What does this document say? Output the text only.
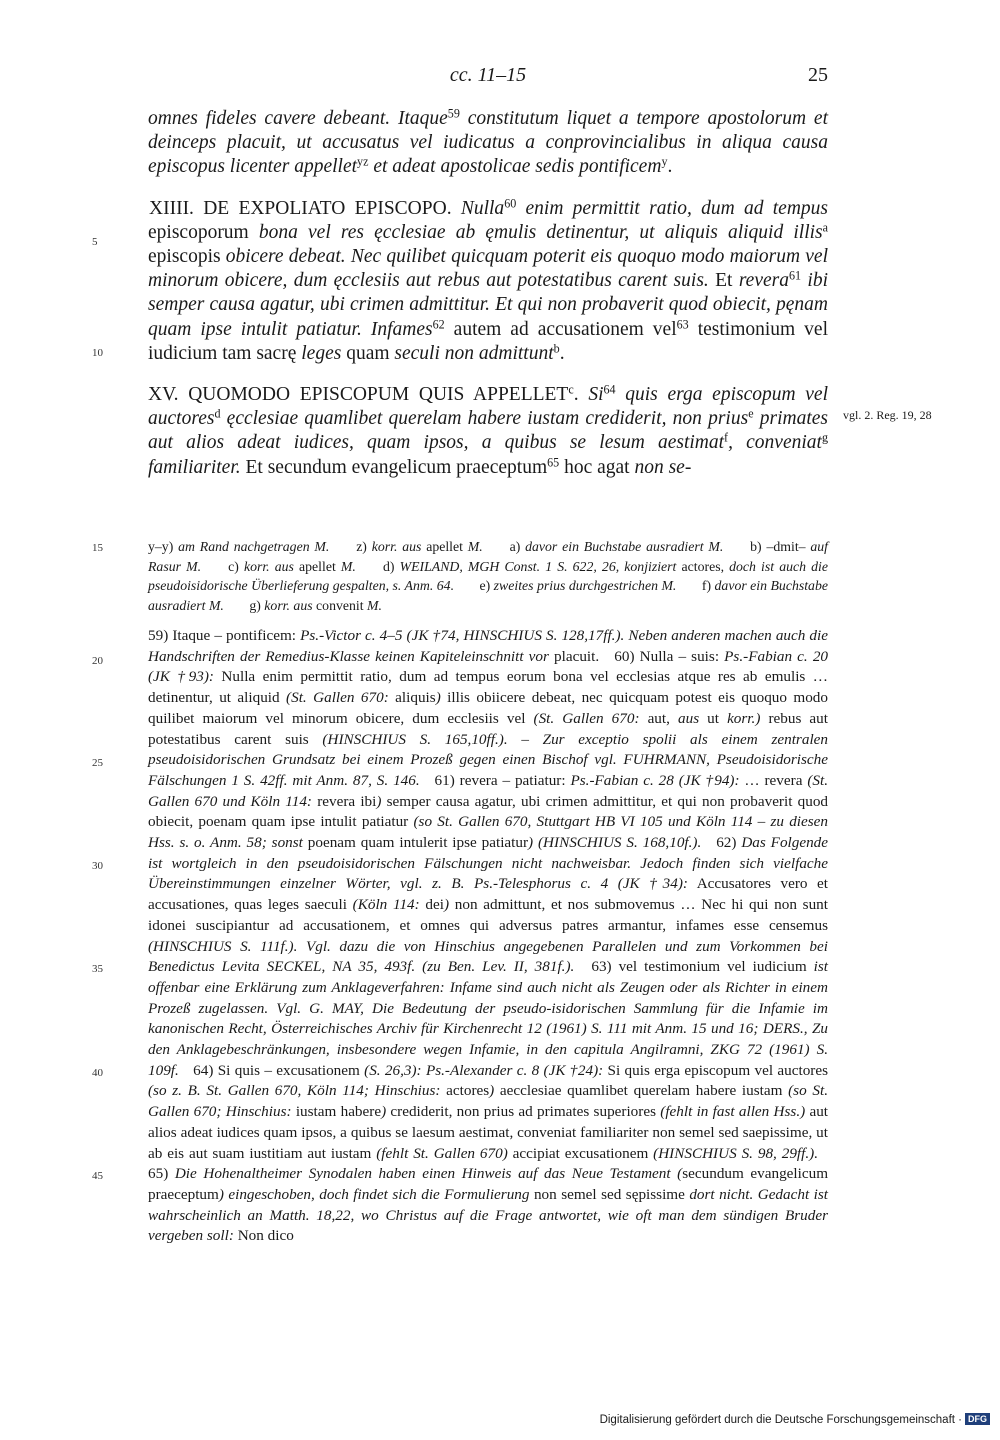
cc. 11–15	25

omnes fideles cavere debeant. Itaque$^{59}$ constitutum liquet a tempore apostolorum et deinceps placuit, ut accusatus vel iudicatus a conprovincialibus in aliqua causa episcopus licenter appellet$^{yz}$ et adeat apostolicae sedis pontificem$^y$.

XIIII. DE EXPOLIATO EPISCOPO. Nulla$^{60}$ enim permittit ratio, dum ad tempus episcoporum bona vel res ęcclesiae ab ęmulis detinentur, ut aliquis aliquid illis$^a$ episcopis obicere debeat. Nec quilibet quicquam poterit eis quoquo modo maiorum vel minorum obicere, dum ęcclesiis aut rebus aut potestatibus carent suis. Et revera$^{61}$ ibi semper causa agatur, ubi crimen admittitur. Et qui non probaverit quod obiecit, pęnam quam ipse intulit patiatur. Infames$^{62}$ autem ad accusationem vel$^{63}$ testimonium vel iudicium tam sacrę leges quam seculi non admittunt$^b$.

XV. QUOMODO EPISCOPUM QUIS APPELLET$^c$. Si$^{64}$ quis erga episcopum vel auctores$^d$ ęcclesiae quamlibet querelam habere iustam crediderit, non prius$^e$ primates aut alios adeat iudices, quam ipsos, a quibus se lesum aestimat$^f$, conveniat$^g$ familiariter. Et secundum evangelicum praeceptum$^{65}$ hoc agat non se-

5
10
15
20
25
30
35
40
45
vgl. 2. Reg. 19, 28

y–y) am Rand nachgetragen M. z) korr. aus apellet M. a) davor ein Buchstabe ausradiert M. b) –dmit– auf Rasur M. c) korr. aus apellet M. d) WEILAND, MGH Const. 1 S. 622, 26, konjiziert actores, doch ist auch die pseudoisidorische Überlieferung gespalten, s. Anm. 64. e) zweites prius durchgestrichen M. f) davor ein Buchstabe ausradiert M. g) korr. aus convenit M.

59) Itaque – pontificem: Ps.-Victor c. 4–5 (JK †74, HINSCHIUS S. 128,17ff.). Neben anderen machen auch die Handschriften der Remedius-Klasse keinen Kapiteleinschnitt vor placuit. 60) Nulla – suis: Ps.-Fabian c. 20 (JK †93): Nulla enim permittit ratio, dum ad tempus eorum bona vel ecclesias atque res ab emulis … detinentur, ut aliquid (St. Gallen 670: aliquis) illis obiicere debeat, nec quicquam potest eis quoquo modo quilibet maiorum vel minorum obicere, dum ecclesiis vel (St. Gallen 670: aut, aus ut korr.) rebus aut potestatibus carent suis (HINSCHIUS S. 165,10ff.). – Zur exceptio spolii als einem zentralen pseudoisidorischen Grundsatz bei einem Prozeß gegen einen Bischof vgl. FUHRMANN, Pseudoisidorische Fälschungen 1 S. 42ff. mit Anm. 87, S. 146. 61) revera – patiatur: Ps.-Fabian c. 28 (JK †94): … revera (St. Gallen 670 und Köln 114: revera ibi) semper causa agatur, ubi crimen admittitur, et qui non probaverit quod obiecit, poenam quam ipse intulit patiatur (so St. Gallen 670, Stuttgart HB VI 105 und Köln 114 – zu diesen Hss. s. o. Anm. 58; sonst poenam quam intulerit ipse patiatur) (HINSCHIUS S. 168,10f.). 62) Das Folgende ist wortgleich in den pseudoisidorischen Fälschungen nicht nachweisbar. Jedoch finden sich vielfache Übereinstimmungen einzelner Wörter, vgl. z. B. Ps.-Telesphorus c. 4 (JK †34): Accusatores vero et accusationes, quas leges saeculi (Köln 114: dei) non admittunt, et nos submovemus … Nec hi qui non sunt idonei suscipiantur ad accusationem, et omnes qui adversus patres armantur, infames esse censemus (HINSCHIUS S. 111f.). Vgl. dazu die von Hinschius angegebenen Parallelen und zum Vorkommen bei Benedictus Levita SECKEL, NA 35, 493f. (zu Ben. Lev. II, 381f.). 63) vel testimonium vel iudicium ist offenbar eine Erklärung zum Anklageverfahren: Infame sind auch nicht als Zeugen oder als Richter in einem Prozeß zugelassen. Vgl. G. MAY, Die Bedeutung der pseudo-isidorischen Sammlung für die Infamie im kanonischen Recht, Österreichisches Archiv für Kirchenrecht 12 (1961) S. 111 mit Anm. 15 und 16; DERS., Zu den Anklagebeschränkungen, insbesondere wegen Infamie, in den capitula Angilramni, ZKG 72 (1961) S. 109f. 64) Si quis – excusationem (S. 26,3): Ps.-Alexander c. 8 (JK †24): Si quis erga episcopum vel auctores (so z. B. St. Gallen 670, Köln 114; Hinschius: actores) aecclesiae quamlibet querelam habere iustam (so St. Gallen 670; Hinschius: iustam habere) crediderit, non prius ad primates superiores (fehlt in fast allen Hss.) aut alios adeat iudices quam ipsos, a quibus se laesum aestimat, conveniat familiariter non semel sed saepissime, ut ab eis aut suam iustitiam aut iustam (fehlt St. Gallen 670) accipiat excusationem (HINSCHIUS S. 98, 29ff.). 65) Die Hohenaltheimer Synodalen haben einen Hinweis auf das Neue Testament (secundum evangelicum praeceptum) eingeschoben, doch findet sich die Formulierung non semel sed sępissime dort nicht. Gedacht ist wahrscheinlich an Matth. 18,22, wo Christus auf die Frage antwortet, wie oft man dem sündigen Bruder vergeben soll: Non dico

Digitalisierung gefördert durch die Deutsche Forschungsgemeinschaft · DFG
